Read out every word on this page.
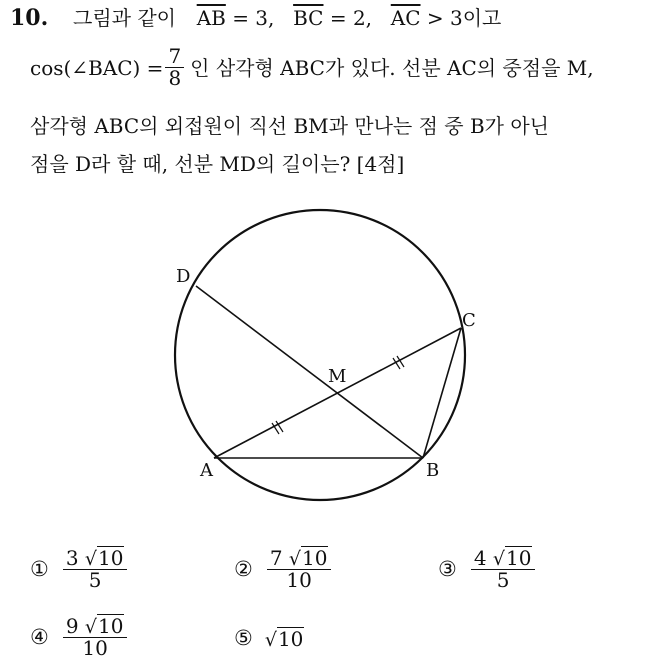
10. 그림과 같이 $\overline{AB} = 3$, $\overline{BC} = 2$, $\overline{AC} > 3$이고
cos(∠BAC) = $\frac{7}{8}$ 인 삼각형 ABC가 있다. 선분 AC의 중점을 M,
삼각형 ABC의 외접원이 직선 BM과 만나는 점 중 B가 아닌
점을 D라 할 때, 선분 MD의 길이는? [4점]
D
C
M
A	B
① $\frac{3 √ 10}{5}$	② $\frac{7 √ 10}{10}$	③ $\frac{4 √ 10}{5}$
④ $\frac{9 √ 10}{10}$	⑤ √ 10
